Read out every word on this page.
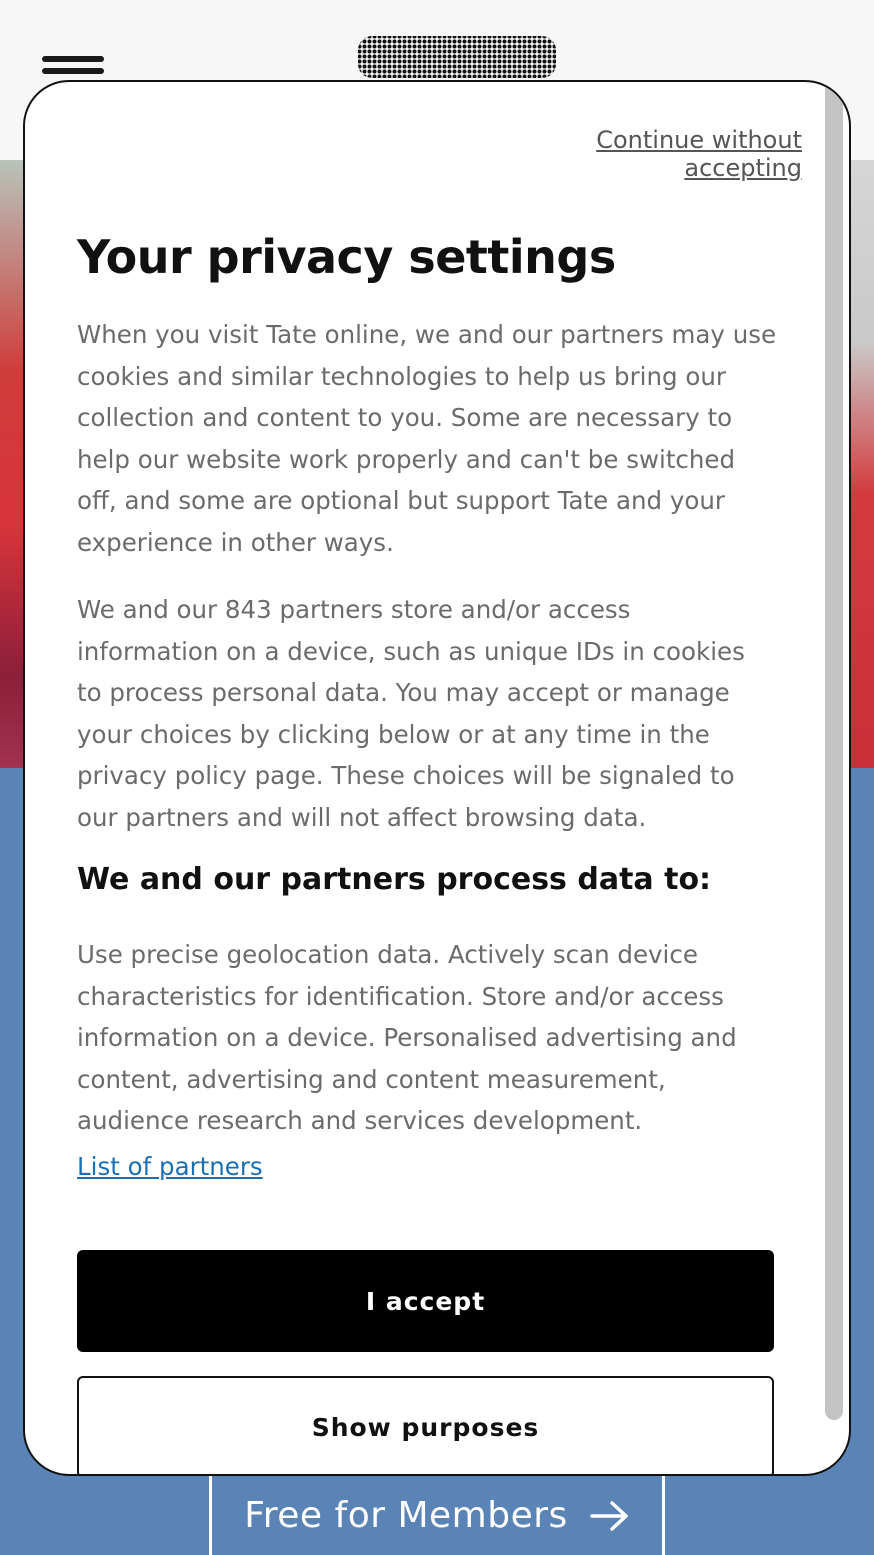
Free for Members
Continue without accepting
Your privacy settings

When you visit Tate online, we and our partners may use cookies and similar technologies to help us bring our collection and content to you. Some are necessary to help our website work properly and can't be switched off, and some are optional but support Tate and your experience in other ways.

We and our 843 partners store and/or access information on a device, such as unique IDs in cookies to process personal data. You may accept or manage your choices by clicking below or at any time in the privacy policy page. These choices will be signaled to our partners and will not affect browsing data.

We and our partners process data to:

Use precise geolocation data. Actively scan device characteristics for identification. Store and/or access information on a device. Personalised advertising and content, advertising and content measurement, audience research and services development.

List of partners
I accept
Show purposes
